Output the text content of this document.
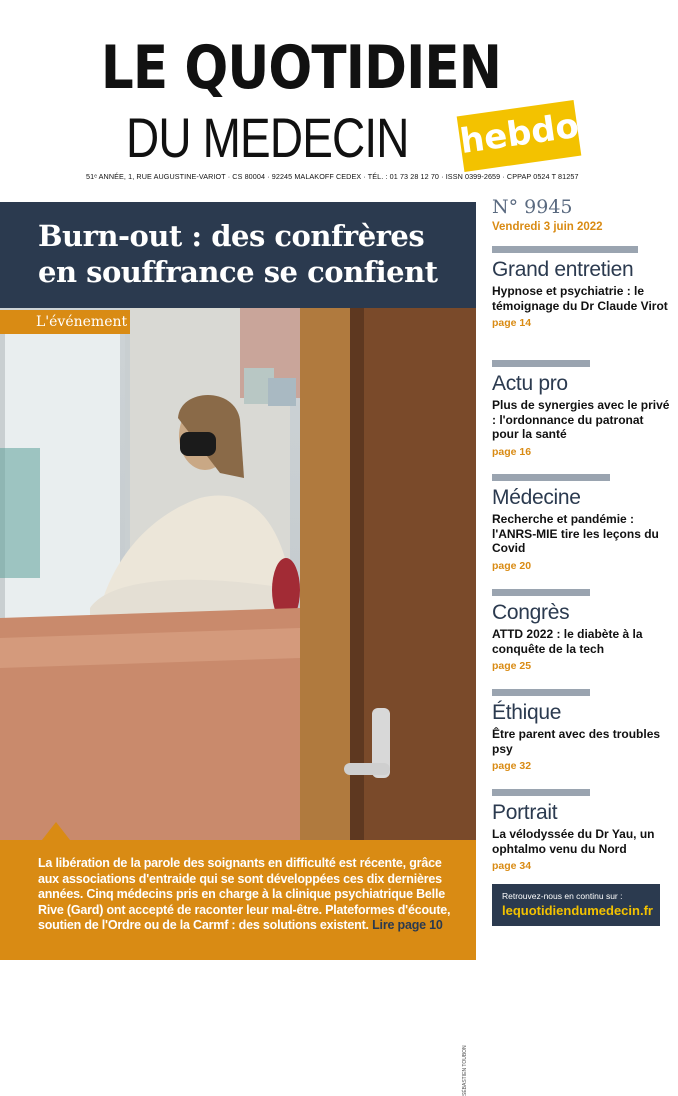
LE QUOTIDIEN
DU MEDECIN hebdo
51ᵉ ANNÉE, 1, RUE AUGUSTINE-VARIOT · CS 80004 · 92245 MALAKOFF CEDEX · TÉL. : 01 73 28 12 70 · ISSN 0399-2659 · CPPAP 0524 T 81257
Burn-out : des confrères en souffrance se confient
SÉBASTIEN TOUBON
L'événement
La libération de la parole des soignants en difficulté est récente, grâce aux associations d'entraide qui se sont développées ces dix dernières années. Cinq médecins pris en charge à la clinique psychiatrique Belle Rive (Gard) ont accepté de raconter leur mal-être. Plateformes d'écoute, soutien de l'Ordre ou de la Carmf : des solutions existent. Lire page 10
N° 9945
Vendredi 3 juin 2022
Grand entretien
Hypnose et psychiatrie : le témoignage du Dr Claude Virot
page 14
Actu pro
Plus de synergies avec le privé : l'ordonnance du patronat pour la santé
page 16
Médecine
Recherche et pandémie : l'ANRS-MIE tire les leçons du Covid
page 20
Congrès
ATTD 2022 : le diabète à la conquête de la tech
page 25
Éthique
Être parent avec des troubles psy
page 32
Portrait
La vélodyssée du Dr Yau, un ophtalmo venu du Nord
page 34
Retrouvez-nous en continu sur :
lequotidiendumedecin.fr
